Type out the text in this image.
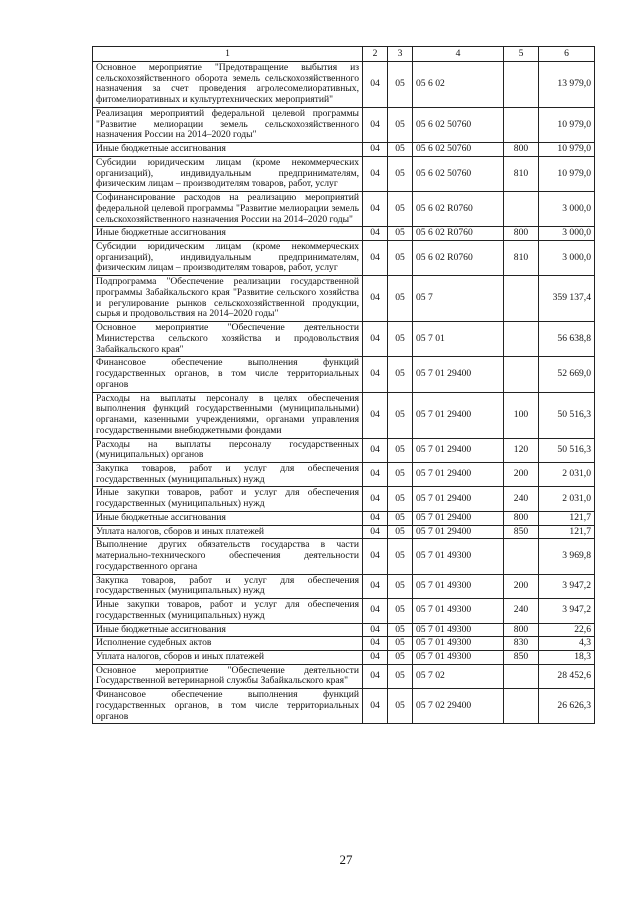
1	2	3	4	5	6
Основное мероприятие "Предотвращение выбытия из сельскохозяйственного оборота земель сельскохозяйственного назначения за счет проведения агролесомелиоративных, фитомелиоративных и культуртехнических мероприятий"	04	05	05 6 02		13 979,0
Реализация мероприятий федеральной целевой программы "Развитие мелиорации земель сельскохозяйственного назначения России на 2014–2020 годы"	04	05	05 6 02 50760		10 979,0
Иные бюджетные ассигнования	04	05	05 6 02 50760	800	10 979,0
Субсидии юридическим лицам (кроме некоммерческих организаций), индивидуальным предпринимателям, физическим лицам – производителям товаров, работ, услуг	04	05	05 6 02 50760	810	10 979,0
Софинансирование расходов на реализацию мероприятий федеральной целевой программы "Развитие мелиорации земель сельскохозяйственного назначения России на 2014–2020 годы"	04	05	05 6 02 R0760		3 000,0
Иные бюджетные ассигнования	04	05	05 6 02 R0760	800	3 000,0
Субсидии юридическим лицам (кроме некоммерческих организаций), индивидуальным предпринимателям, физическим лицам – производителям товаров, работ, услуг	04	05	05 6 02 R0760	810	3 000,0
Подпрограмма "Обеспечение реализации государственной программы Забайкальского края "Развитие сельского хозяйства и регулирование рынков сельскохозяйственной продукции, сырья и продовольствия на 2014–2020 годы"	04	05	05 7		359 137,4
Основное мероприятие "Обеспечение деятельности Министерства сельского хозяйства и продовольствия Забайкальского края"	04	05	05 7 01		56 638,8
Финансовое обеспечение выполнения функций государственных органов, в том числе территориальных органов	04	05	05 7 01 29400		52 669,0
Расходы на выплаты персоналу в целях обеспечения выполнения функций государственными (муниципальными) органами, казенными учреждениями, органами управления государственными внебюджетными фондами	04	05	05 7 01 29400	100	50 516,3
Расходы на выплаты персоналу государственных (муниципальных) органов	04	05	05 7 01 29400	120	50 516,3
Закупка товаров, работ и услуг для обеспечения государственных (муниципальных) нужд	04	05	05 7 01 29400	200	2 031,0
Иные закупки товаров, работ и услуг для обеспечения государственных (муниципальных) нужд	04	05	05 7 01 29400	240	2 031,0
Иные бюджетные ассигнования	04	05	05 7 01 29400	800	121,7
Уплата налогов, сборов и иных платежей	04	05	05 7 01 29400	850	121,7
Выполнение других обязательств государства в части материально-технического обеспечения деятельности государственного органа	04	05	05 7 01 49300		3 969,8
Закупка товаров, работ и услуг для обеспечения государственных (муниципальных) нужд	04	05	05 7 01 49300	200	3 947,2
Иные закупки товаров, работ и услуг для обеспечения государственных (муниципальных) нужд	04	05	05 7 01 49300	240	3 947,2
Иные бюджетные ассигнования	04	05	05 7 01 49300	800	22,6
Исполнение судебных актов	04	05	05 7 01 49300	830	4,3
Уплата налогов, сборов и иных платежей	04	05	05 7 01 49300	850	18,3
Основное мероприятие "Обеспечение деятельности Государственной ветеринарной службы Забайкальского края"	04	05	05 7 02		28 452,6
Финансовое обеспечение выполнения функций государственных органов, в том числе территориальных органов	04	05	05 7 02 29400		26 626,3
27
